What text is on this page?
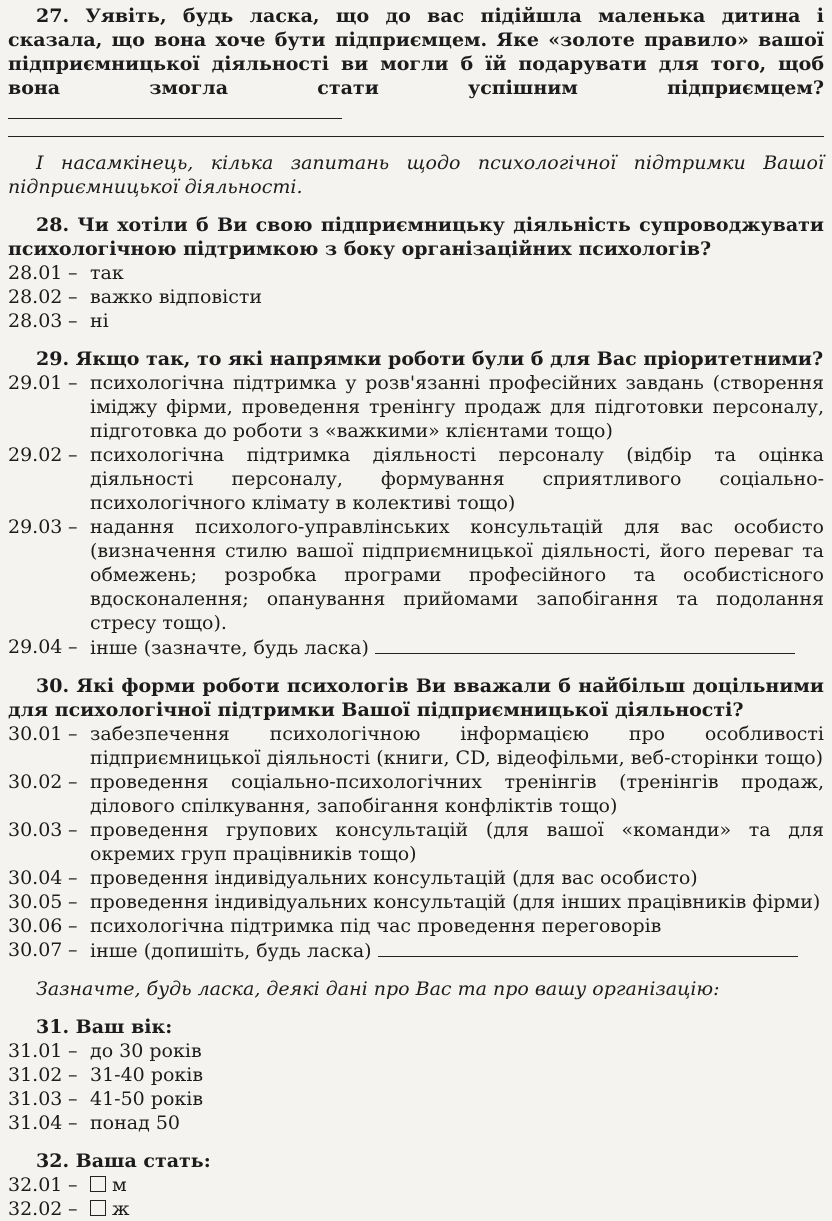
27. Уявіть, будь ласка, що до вас підійшла маленька дитина і сказала, що вона хоче бути підприємцем. Яке «золоте правило» вашої підприємницької діяльності ви могли б їй подарувати для того, щоб вона змогла стати успішним підприємцем?
І насамкінець, кілька запитань щодо психологічної підтримки Вашої підприємницької діяльності.
28. Чи хотіли б Ви свою підприємницьку діяльність супроводжувати психологічною підтримкою з боку організаційних психологів?
28.01 – так
28.02 – важко відповісти
28.03 – ні
29. Якщо так, то які напрямки роботи були б для Вас пріоритетними?
29.01 – психологічна підтримка у розв'язанні професійних завдань (створення іміджу фірми, проведення тренінгу продаж для підготовки персоналу, підготовка до роботи з «важкими» клієнтами тощо)
29.02 – психологічна підтримка діяльності персоналу (відбір та оцінка діяльності персоналу, формування сприятливого соціально-психологічного клімату в колективі тощо)
29.03 – надання психолого-управлінських консультацій для вас особисто (визначення стилю вашої підприємницької діяльності, його переваг та обмежень; розробка програми професійного та особистісного вдосконалення; опанування прийомами запобігання та подолання стресу тощо).
29.04 – інше (зазначте, будь ласка)
30. Які форми роботи психологів Ви вважали б найбільш доцільними для психологічної підтримки Вашої підприємницької діяльності?
30.01 – забезпечення психологічною інформацією про особливості підприємницької діяльності (книги, CD, відеофільми, веб-сторінки тощо)
30.02 – проведення соціально-психологічних тренінгів (тренінгів продаж, ділового спілкування, запобігання конфліктів тощо)
30.03 – проведення групових консультацій (для вашої «команди» та для окремих груп працівників тощо)
30.04 – проведення індивідуальних консультацій (для вас особисто)
30.05 – проведення індивідуальних консультацій (для інших працівників фірми)
30.06 – психологічна підтримка під час проведення переговорів
30.07 – інше (допишіть, будь ласка)
Зазначте, будь ласка, деякі дані про Вас та про вашу організацію:
31. Ваш вік:
31.01 – до 30 років
31.02 – 31-40 років
31.03 – 41-50 років
31.04 – понад 50
32. Ваша стать:
32.01 –	м
32.02 –	ж
